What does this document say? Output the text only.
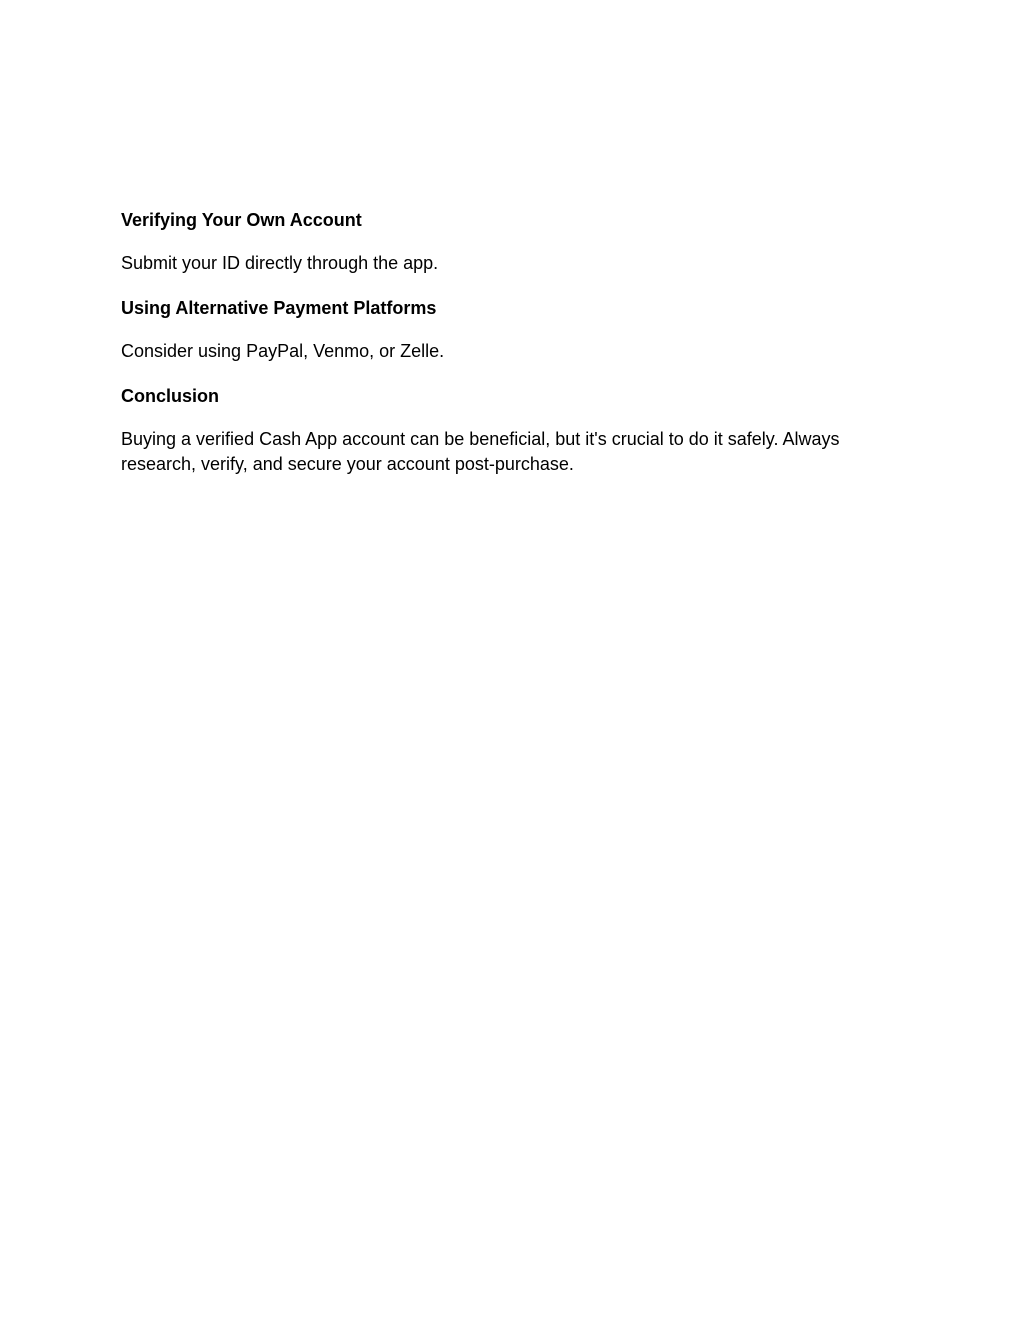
Verifying Your Own Account
Submit your ID directly through the app.
Using Alternative Payment Platforms
Consider using PayPal, Venmo, or Zelle.
Conclusion
Buying a verified Cash App account can be beneficial, but it's crucial to do it safely. Always research, verify, and secure your account post-purchase.
